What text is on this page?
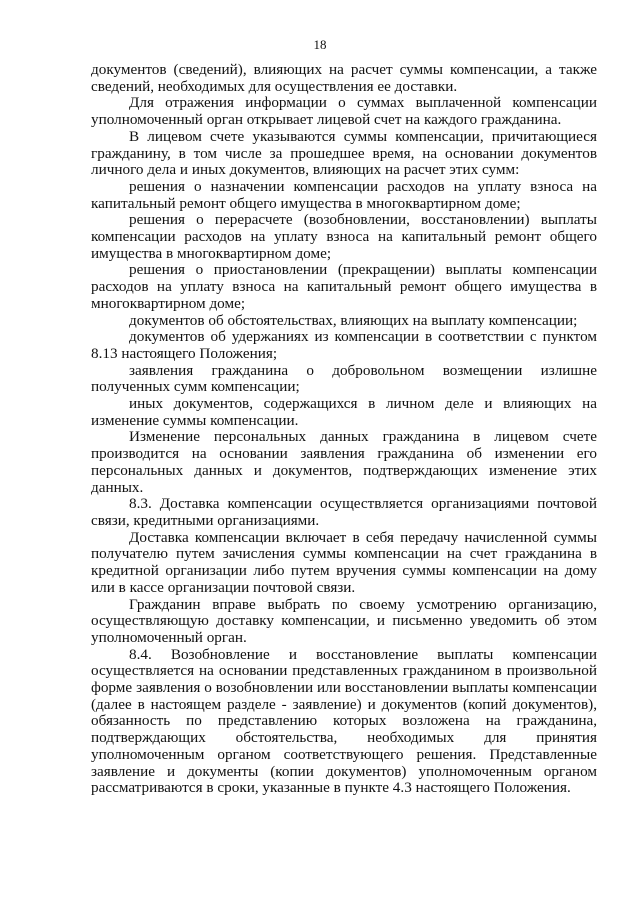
18

документов (сведений), влияющих на расчет суммы компенсации, а также сведений, необходимых для осуществления ее доставки.

Для отражения информации о суммах выплаченной компенсации уполномоченный орган открывает лицевой счет на каждого гражданина.

В лицевом счете указываются суммы компенсации, причитающиеся гражданину, в том числе за прошедшее время, на основании документов личного дела и иных документов, влияющих на расчет этих сумм:

решения о назначении компенсации расходов на уплату взноса на капитальный ремонт общего имущества в многоквартирном доме;

решения о перерасчете (возобновлении, восстановлении) выплаты компенсации расходов на уплату взноса на капитальный ремонт общего имущества в многоквартирном доме;

решения о приостановлении (прекращении) выплаты компенсации расходов на уплату взноса на капитальный ремонт общего имущества в многоквартирном доме;

документов об обстоятельствах, влияющих на выплату компенсации;

документов об удержаниях из компенсации в соответствии с пунктом 8.13 настоящего Положения;

заявления гражданина о добровольном возмещении излишне полученных сумм компенсации;

иных документов, содержащихся в личном деле и влияющих на изменение суммы компенсации.

Изменение персональных данных гражданина в лицевом счете производится на основании заявления гражданина об изменении его персональных данных и документов, подтверждающих изменение этих данных.

8.3. Доставка компенсации осуществляется организациями почтовой связи, кредитными организациями.

Доставка компенсации включает в себя передачу начисленной суммы получателю путем зачисления суммы компенсации на счет гражданина в кредитной организации либо путем вручения суммы компенсации на дому или в кассе организации почтовой связи.

Гражданин вправе выбрать по своему усмотрению организацию, осуществляющую доставку компенсации, и письменно уведомить об этом уполномоченный орган.

8.4. Возобновление и восстановление выплаты компенсации осуществляется на основании представленных гражданином в произвольной форме заявления о возобновлении или восстановлении выплаты компенсации (далее в настоящем разделе - заявление) и документов (копий документов), обязанность по представлению которых возложена на гражданина, подтверждающих обстоятельства, необходимых для принятия уполномоченным органом соответствующего решения. Представленные заявление и документы (копии документов) уполномоченным органом рассматриваются в сроки, указанные в пункте 4.3 настоящего Положения.
